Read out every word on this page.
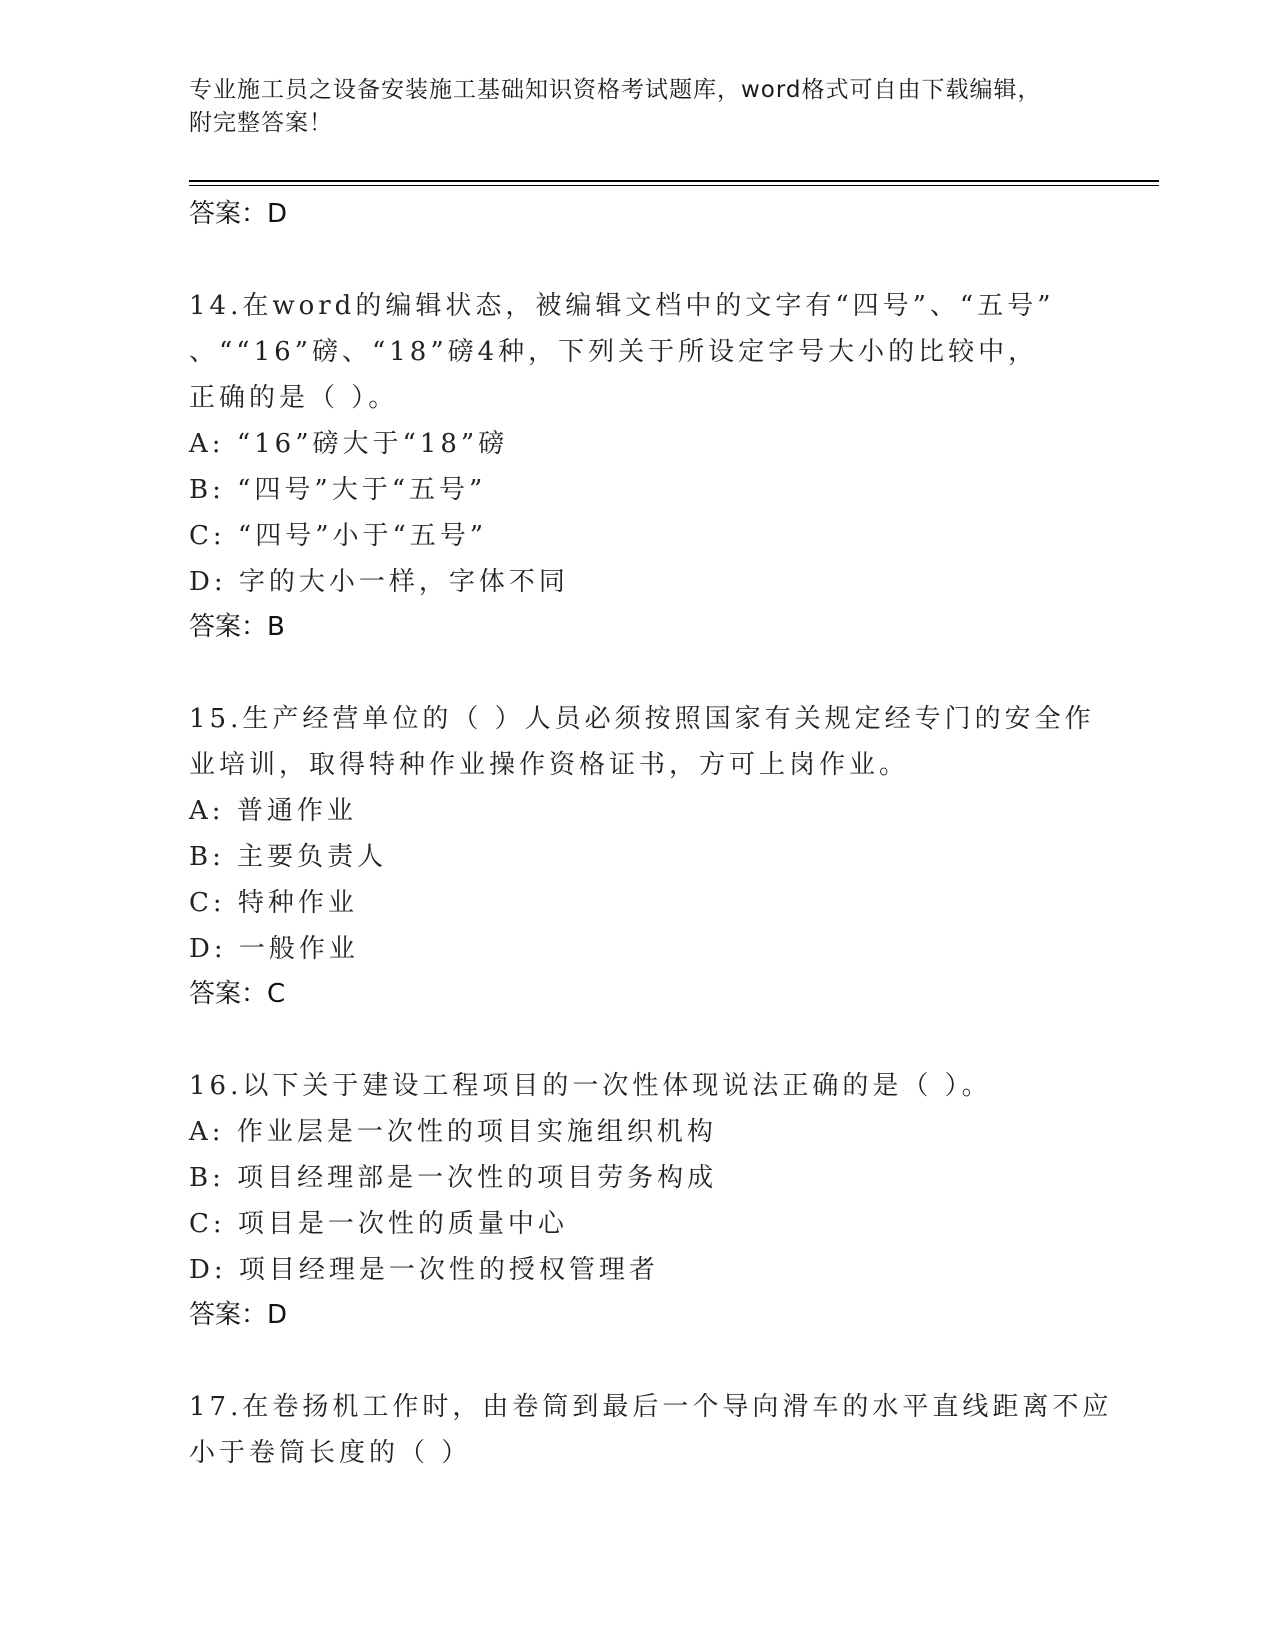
专业施工员之设备安装施工基础知识资格考试题库，word格式可自由下载编辑，
附完整答案！
答案：D
14.在word的编辑状态，被编辑文档中的文字有“四号”、“五号”
、““16”磅、“18”磅4种，下列关于所设定字号大小的比较中，
正确的是（ ）。
A: “16”磅大于“18”磅
B: “四号”大于“五号”
C: “四号”小于“五号”
D: 字的大小一样，字体不同
答案：B
15.生产经营单位的（ ）人员必须按照国家有关规定经专门的安全作
业培训，取得特种作业操作资格证书，方可上岗作业。
A: 普通作业
B: 主要负责人
C: 特种作业
D: 一般作业
答案：C
16.以下关于建设工程项目的一次性体现说法正确的是（ ）。
A: 作业层是一次性的项目实施组织机构
B: 项目经理部是一次性的项目劳务构成
C: 项目是一次性的质量中心
D: 项目经理是一次性的授权管理者
答案：D
17.在卷扬机工作时，由卷筒到最后一个导向滑车的水平直线距离不应
小于卷筒长度的（ ）
